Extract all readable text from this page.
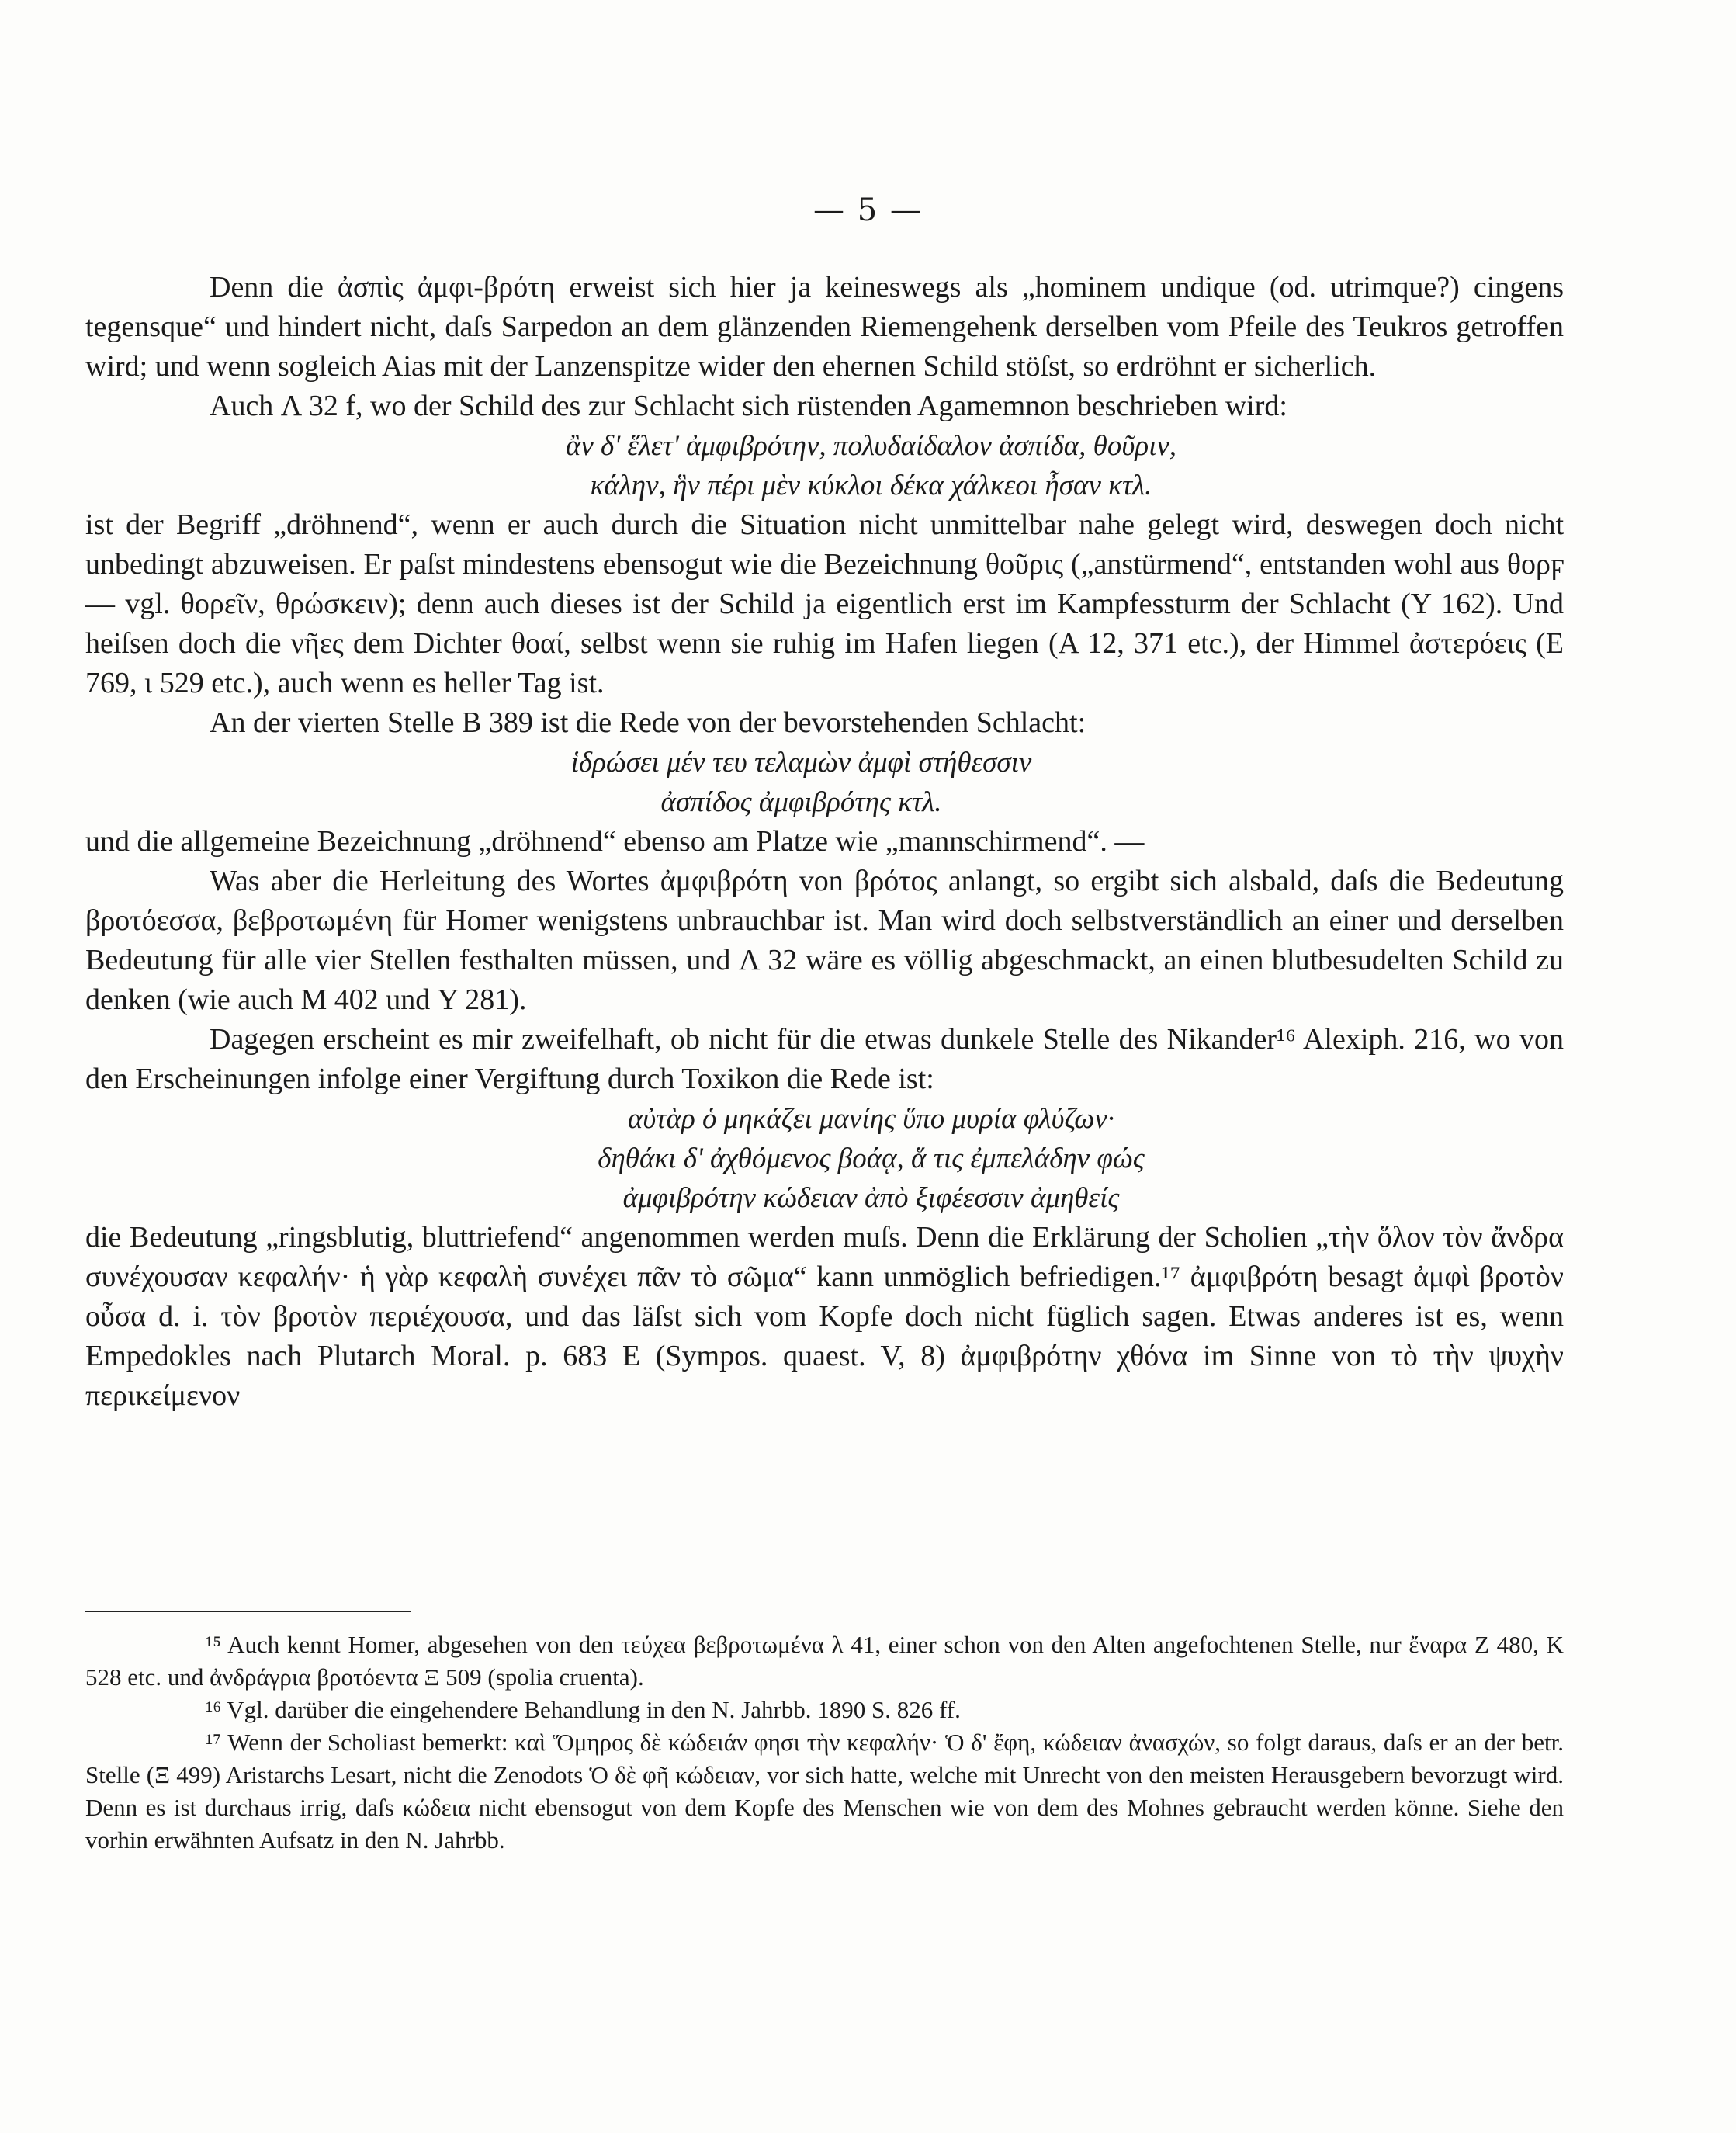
— 5 —

Denn die ἀσπὶς ἀμφι-βρότη erweist sich hier ja keineswegs als „hominem undique (od. utrimque?) cingens tegensque“ und hindert nicht, daſs Sarpedon an dem glänzenden Riemengehenk derselben vom Pfeile des Teukros getroffen wird; und wenn sogleich Aias mit der Lanzenspitze wider den ehernen Schild stöſst, so erdröhnt er sicherlich.

Auch Λ 32 f, wo der Schild des zur Schlacht sich rüstenden Agamemnon beschrieben wird:

ἂν δ' ἕλετ' ἀμφιβρότην, πολυδαίδαλον ἀσπίδα, θοῦριν,

κάλην, ἣν πέρι μὲν κύκλοι δέκα χάλκεοι ἦσαν κτλ.

ist der Begriff „dröhnend“, wenn er auch durch die Situation nicht unmittelbar nahe gelegt wird, deswegen doch nicht unbedingt abzuweisen. Er paſst mindestens ebensogut wie die Bezeichnung θοῦρις („anstürmend“, entstanden wohl aus θορϝ — vgl. θορεῖν, θρώσκειν); denn auch dieses ist der Schild ja eigentlich erst im Kampfessturm der Schlacht (Υ 162). Und heiſsen doch die νῆες dem Dichter θοαί, selbst wenn sie ruhig im Hafen liegen (Α 12, 371 etc.), der Himmel ἀστερόεις (Ε 769, ι 529 etc.), auch wenn es heller Tag ist.

An der vierten Stelle Β 389 ist die Rede von der bevorstehenden Schlacht:

ἱδρώσει μέν τευ τελαμὼν ἀμφὶ στήθεσσιν

ἀσπίδος ἀμφιβρότης κτλ.

und die allgemeine Bezeichnung „dröhnend“ ebenso am Platze wie „mannschirmend“. —

Was aber die Herleitung des Wortes ἀμφιβρότη von βρότος anlangt, so ergibt sich alsbald, daſs die Bedeutung βροτόεσσα, βεβροτωμένη für Homer wenigstens unbrauchbar ist. Man wird doch selbstverständlich an einer und derselben Bedeutung für alle vier Stellen festhalten müssen, und Λ 32 wäre es völlig abgeschmackt, an einen blutbesudelten Schild zu denken (wie auch Μ 402 und Υ 281).

Dagegen erscheint es mir zweifelhaft, ob nicht für die etwas dunkele Stelle des Nikander¹⁶ Alexiph. 216, wo von den Erscheinungen infolge einer Vergiftung durch Toxikon die Rede ist:

αὐτὰρ ὁ μηκάζει μανίης ὕπο μυρία φλύζων·

δηθάκι δ' ἀχθόμενος βοάᾳ, ἅ τις ἐμπελάδην φώς

ἀμφιβρότην κώδειαν ἀπὸ ξιφέεσσιν ἀμηθείς

die Bedeutung „ringsblutig, bluttriefend“ angenommen werden muſs. Denn die Erklärung der Scholien „τὴν ὅλον τὸν ἄνδρα συνέχουσαν κεφαλήν· ἡ γὰρ κεφαλὴ συνέχει πᾶν τὸ σῶμα“ kann unmöglich befriedigen.¹⁷ ἀμφιβρότη besagt ἀμφὶ βροτὸν οὖσα d. i. τὸν βροτὸν περιέχουσα, und das läſst sich vom Kopfe doch nicht füglich sagen. Etwas anderes ist es, wenn Empedokles nach Plutarch Moral. p. 683 Ε (Sympos. quaest. V, 8) ἀμφιβρότην χθόνα im Sinne von τὸ τὴν ψυχὴν περικείμενον

¹⁵ Auch kennt Homer, abgesehen von den τεύχεα βεβροτωμένα λ 41, einer schon von den Alten angefochtenen Stelle, nur ἔναρα Ζ 480, Κ 528 etc. und ἀνδράγρια βροτόεντα Ξ 509 (spolia cruenta).

¹⁶ Vgl. darüber die eingehendere Behandlung in den N. Jahrbb. 1890 S. 826 ff.

¹⁷ Wenn der Scholiast bemerkt: καὶ Ὅμηρος δὲ κώδειάν φησι τὴν κεφαλήν· Ὁ δ' ἔφη, κώδειαν ἀνασχών, so folgt daraus, daſs er an der betr. Stelle (Ξ 499) Aristarchs Lesart, nicht die Zenodots Ὁ δὲ φῆ κώδειαν, vor sich hatte, welche mit Unrecht von den meisten Herausgebern bevorzugt wird. Denn es ist durchaus irrig, daſs κώδεια nicht ebensogut von dem Kopfe des Menschen wie von dem des Mohnes gebraucht werden könne. Siehe den vorhin erwähnten Aufsatz in den N. Jahrbb.
